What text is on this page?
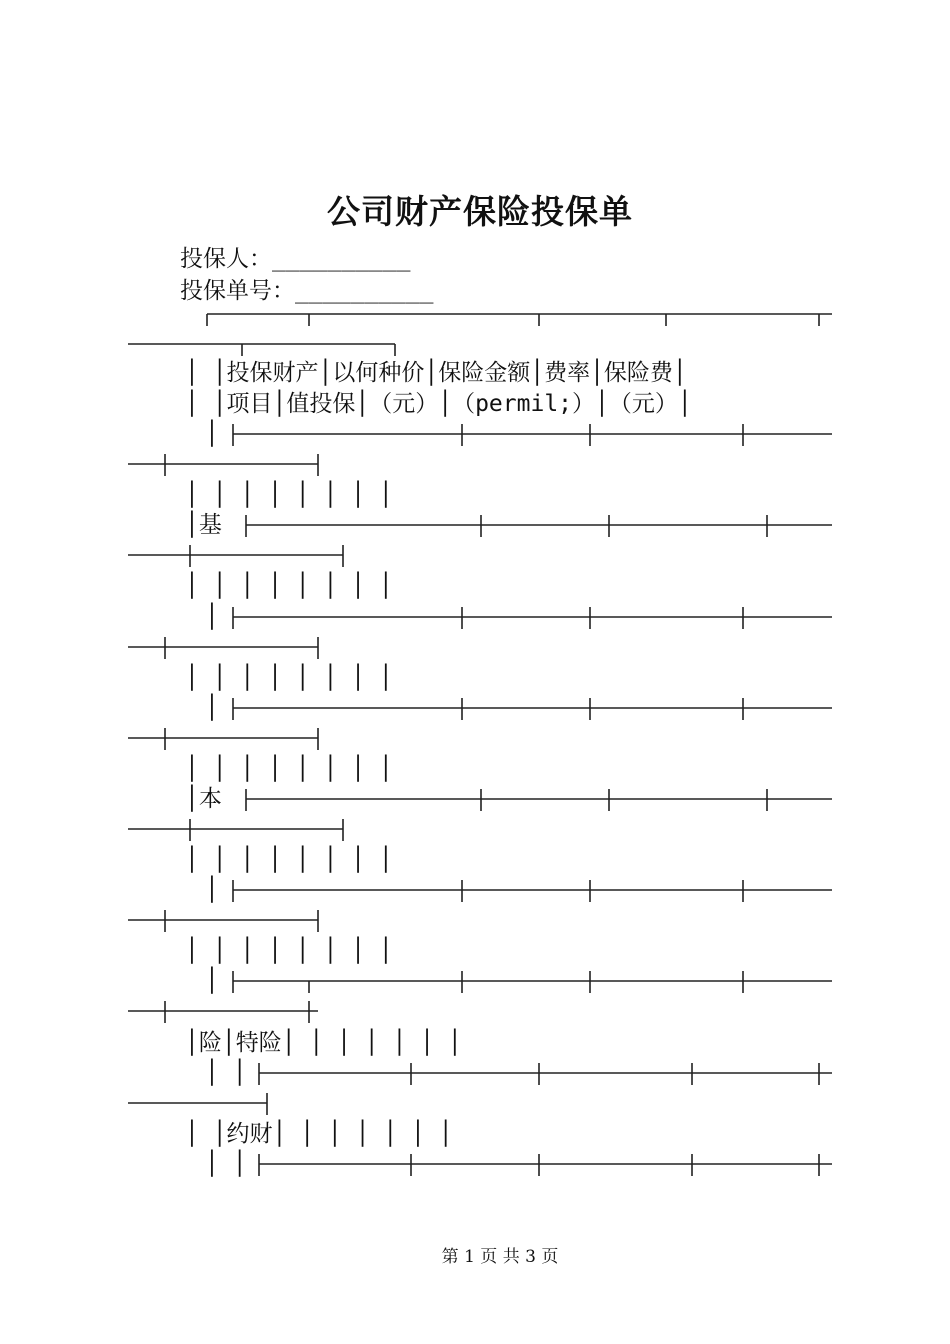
公司财产保险投保单
投保人：__________
投保单号：__________
│
│
│
│
│
│ │
│ │
│ │投保财产│以何种价│保险金额│费率│保险费│
│ │项目│值投保│（元）│（permil;）│（元）│
│ │ │ │ │ │ │ │
│基
│ │ │ │ │ │ │ │
│ │ │ │ │ │ │ │
│ │ │ │ │ │ │ │
│本
│ │ │ │ │ │ │ │
│ │ │ │ │ │ │ │
│险│特险│ │ │ │ │ │ │
│ │约财│ │ │ │ │ │ │
第 1 页 共 3 页
